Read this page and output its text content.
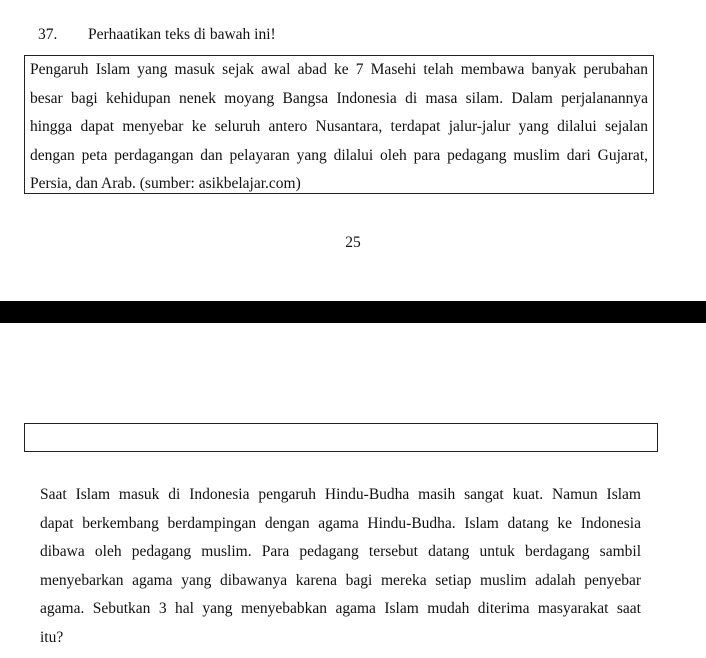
37. Perhaatikan teks di bawah ini!
Pengaruh Islam yang masuk sejak awal abad ke 7 Masehi telah membawa banyak perubahan
besar bagi kehidupan nenek moyang Bangsa Indonesia di masa silam. Dalam perjalanannya
hingga dapat menyebar ke seluruh antero Nusantara, terdapat jalur-jalur yang dilalui sejalan
dengan peta perdagangan dan pelayaran yang dilalui oleh para pedagang muslim dari Gujarat,
Persia, dan Arab. (sumber: asikbelajar.com)
25
Saat Islam masuk di Indonesia pengaruh Hindu-Budha masih sangat kuat. Namun Islam
dapat berkembang berdampingan dengan agama Hindu-Budha. Islam datang ke Indonesia
dibawa oleh pedagang muslim. Para pedagang tersebut datang untuk berdagang sambil
menyebarkan agama yang dibawanya karena bagi mereka setiap muslim adalah penyebar
agama. Sebutkan 3 hal yang menyebabkan agama Islam mudah diterima masyarakat saat
itu?
